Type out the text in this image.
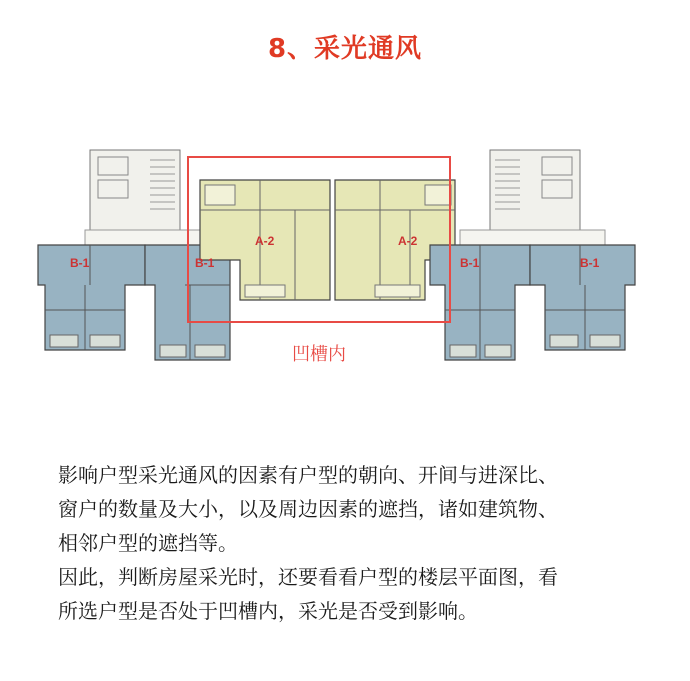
8、采光通风
B-1	B-1
A-2	A-2
B-1	B-1
凹槽内
影响户型采光通风的因素有户型的朝向、开间与进深比、
窗户的数量及大小，以及周边因素的遮挡，诸如建筑物、
相邻户型的遮挡等。
因此，判断房屋采光时，还要看看户型的楼层平面图，看
所选户型是否处于凹槽内，采光是否受到影响。
